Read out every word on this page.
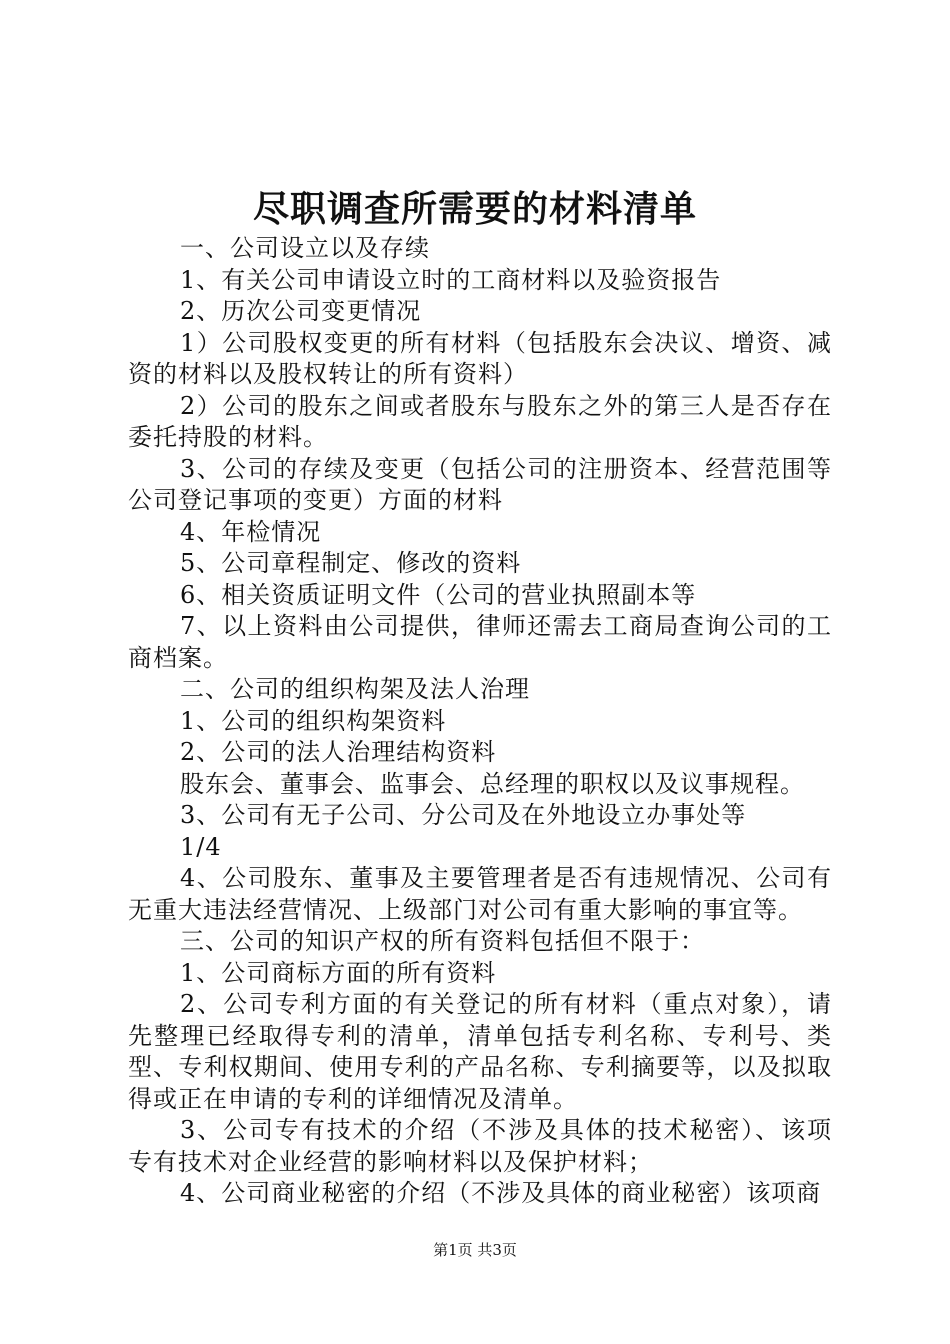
尽职调查所需要的材料清单

一、公司设立以及存续

1、有关公司申请设立时的工商材料以及验资报告

2、历次公司变更情况

1）公司股权变更的所有材料（包括股东会决议、增资、减资的材料以及股权转让的所有资料）

2）公司的股东之间或者股东与股东之外的第三人是否存在委托持股的材料。

3、公司的存续及变更（包括公司的注册资本、经营范围等公司登记事项的变更）方面的材料

4、年检情况

5、公司章程制定、修改的资料

6、相关资质证明文件（公司的营业执照副本等

7、以上资料由公司提供，律师还需去工商局查询公司的工商档案。

二、公司的组织构架及法人治理

1、公司的组织构架资料

2、公司的法人治理结构资料

股东会、董事会、监事会、总经理的职权以及议事规程。

3、公司有无子公司、分公司及在外地设立办事处等

1/4

4、公司股东、董事及主要管理者是否有违规情况、公司有无重大违法经营情况、上级部门对公司有重大影响的事宜等。

三、公司的知识产权的所有资料包括但不限于：

1、公司商标方面的所有资料

2、公司专利方面的有关登记的所有材料（重点对象），请先整理已经取得专利的清单，清单包括专利名称、专利号、类型、专利权期间、使用专利的产品名称、专利摘要等，以及拟取得或正在申请的专利的详细情况及清单。

3、公司专有技术的介绍（不涉及具体的技术秘密）、该项专有技术对企业经营的影响材料以及保护材料；

4、公司商业秘密的介绍（不涉及具体的商业秘密）该项商

第1页 共3页
